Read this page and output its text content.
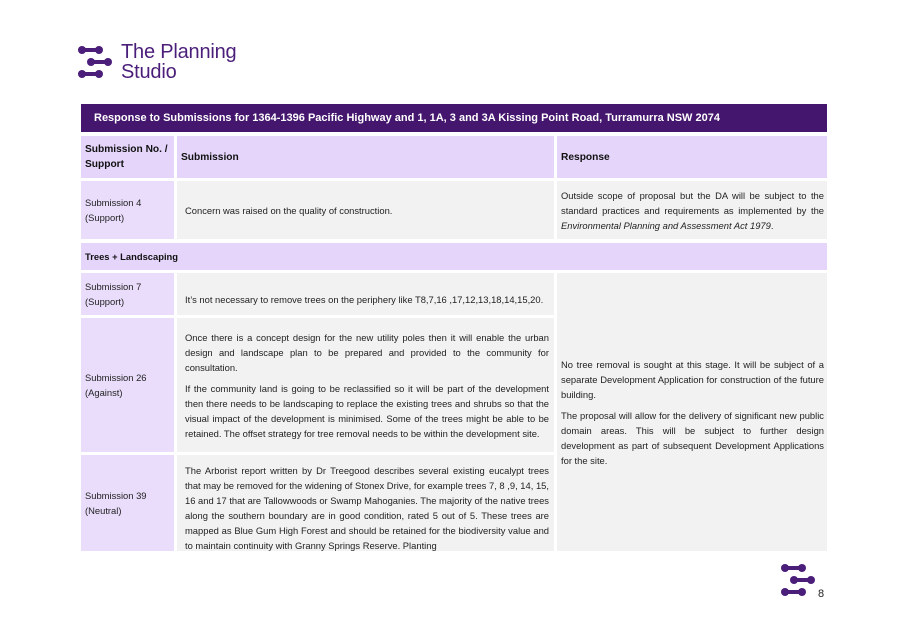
The Planning
Studio
Response to Submissions for 1364-1396 Pacific Highway and 1, 1A, 3 and 3A Kissing Point Road, Turramurra NSW 2074
Submission No. / Support
Submission	Response
Submission 4 (Support)

Concern was raised on the quality of construction.

Outside scope of proposal but the DA will be subject to the standard practices and requirements as implemented by the Environmental Planning and Assessment Act 1979.

Trees + Landscaping
Submission 7 (Support)	It’s not necessary to remove trees on the periphery like T8,7,16 ,17,12,13,18,14,15,20.

Submission 26 (Against)

Once there is a concept design for the new utility poles then it will enable the urban design and landscape plan to be prepared and provided to the community for consultation.

If the community land is going to be reclassified so it will be part of the development then there needs to be landscaping to replace the existing trees and shrubs so that the visual impact of the development is minimised. Some of the trees might be able to be retained. The offset strategy for tree removal needs to be within the development site.

Submission 39 (Neutral)

The Arborist report written by Dr Treegood describes several existing eucalypt trees that may be removed for the widening of Stonex Drive, for example trees 7, 8 ,9, 14, 15, 16 and 17 that are Tallowwoods or Swamp Mahoganies. The majority of the native trees along the southern boundary are in good condition, rated 5 out of 5. These trees are mapped as Blue Gum High Forest and should be retained for the biodiversity value and to maintain continuity with Granny Springs Reserve. Planting

No tree removal is sought at this stage. It will be subject of a separate Development Application for construction of the future building.

The proposal will allow for the delivery of significant new public domain areas. This will be subject to further design development as part of subsequent Development Applications for the site.

8
